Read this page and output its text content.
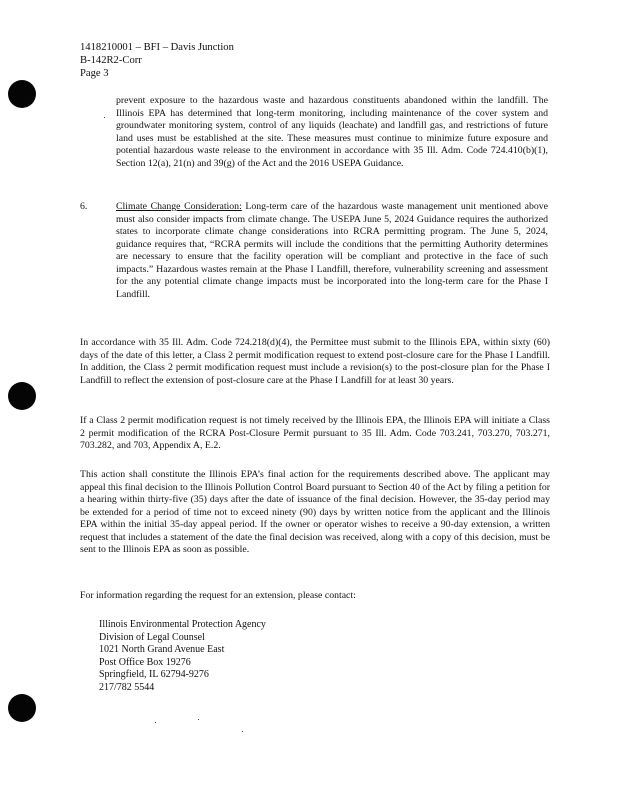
1418210001 – BFI – Davis Junction
B-142R2-Corr
Page 3

prevent exposure to the hazardous waste and hazardous constituents abandoned within the landfill. The Illinois EPA has determined that long-term monitoring, including maintenance of the cover system and groundwater monitoring system, control of any liquids (leachate) and landfill gas, and restrictions of future land uses must be established at the site. These measures must continue to minimize future exposure and potential hazardous waste release to the environment in accordance with 35 Ill. Adm. Code 724.410(b)(1), Section 12(a), 21(n) and 39(g) of the Act and the 2016 USEPA Guidance.

6.	Climate Change Consideration: Long-term care of the hazardous waste management unit mentioned above must also consider impacts from climate change. The USEPA June 5, 2024 Guidance requires the authorized states to incorporate climate change considerations into RCRA permitting program. The June 5, 2024, guidance requires that, “RCRA permits will include the conditions that the permitting Authority determines are necessary to ensure that the facility operation will be compliant and protective in the face of such impacts.” Hazardous wastes remain at the Phase I Landfill, therefore, vulnerability screening and assessment for the any potential climate change impacts must be incorporated into the long-term care for the Phase I Landfill.

In accordance with 35 Ill. Adm. Code 724.218(d)(4), the Permittee must submit to the Illinois EPA, within sixty (60) days of the date of this letter, a Class 2 permit modification request to extend post-closure care for the Phase I Landfill. In addition, the Class 2 permit modification request must include a revision(s) to the post-closure plan for the Phase I Landfill to reflect the extension of post-closure care at the Phase I Landfill for at least 30 years.

If a Class 2 permit modification request is not timely received by the Illinois EPA, the Illinois EPA will initiate a Class 2 permit modification of the RCRA Post-Closure Permit pursuant to 35 Ill. Adm. Code 703.241, 703.270, 703.271, 703.282, and 703, Appendix A, E.2.

This action shall constitute the Illinois EPA’s final action for the requirements described above. The applicant may appeal this final decision to the Illinois Pollution Control Board pursuant to Section 40 of the Act by filing a petition for a hearing within thirty-five (35) days after the date of issuance of the final decision. However, the 35-day period may be extended for a period of time not to exceed ninety (90) days by written notice from the applicant and the Illinois EPA within the initial 35-day appeal period. If the owner or operator wishes to receive a 90-day extension, a written request that includes a statement of the date the final decision was received, along with a copy of this decision, must be sent to the Illinois EPA as soon as possible.

For information regarding the request for an extension, please contact:

Illinois Environmental Protection Agency
Division of Legal Counsel
1021 North Grand Avenue East
Post Office Box 19276
Springfield, IL 62794-9276
217/782 5544
